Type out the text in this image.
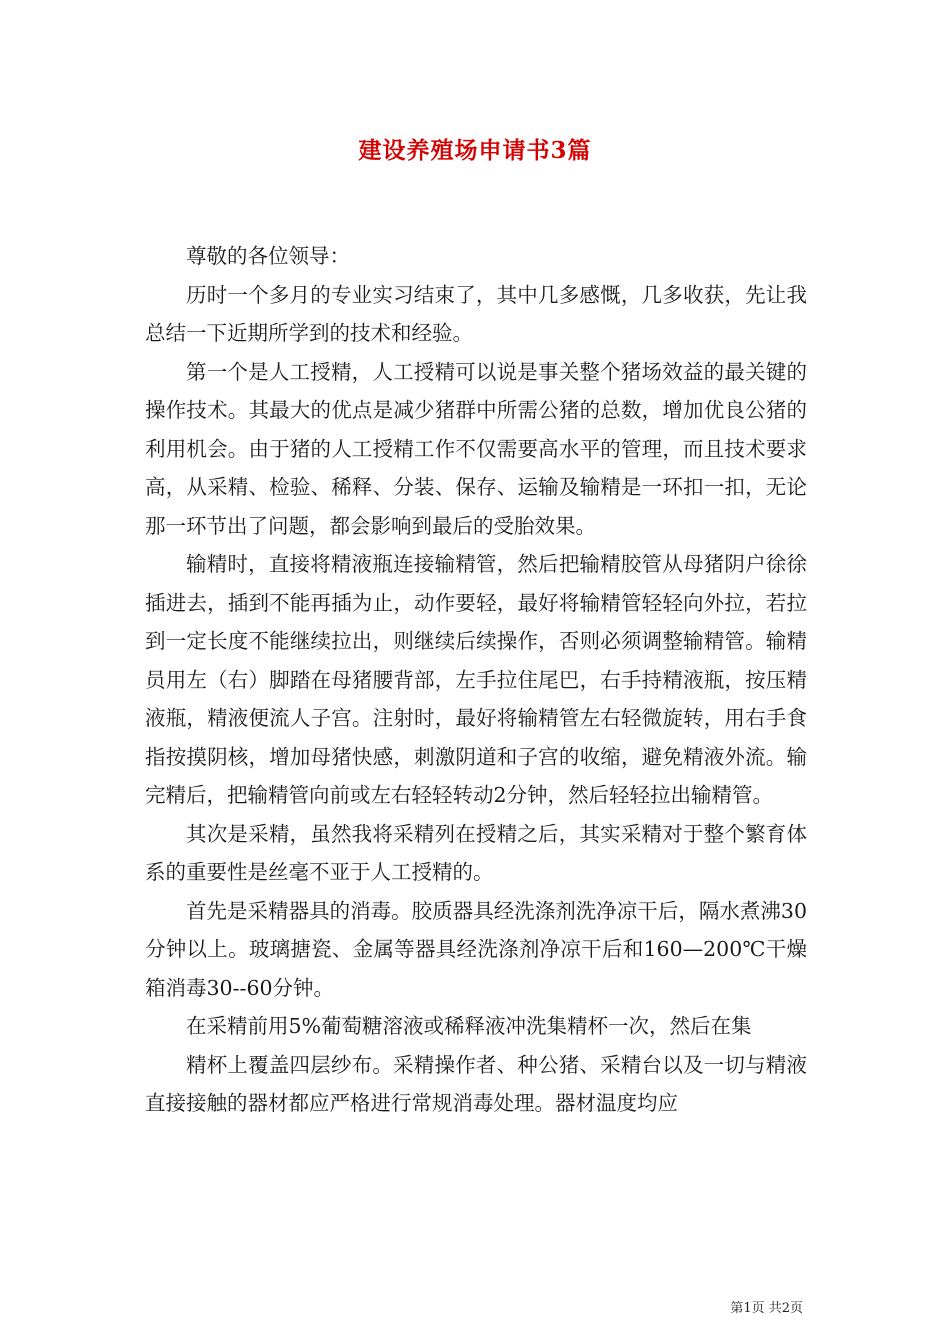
建设养殖场申请书3篇

尊敬的各位领导：

历时一个多月的专业实习结束了，其中几多感慨，几多收获，先让我总结一下近期所学到的技术和经验。

第一个是人工授精，人工授精可以说是事关整个猪场效益的最关键的操作技术。其最大的优点是减少猪群中所需公猪的总数，增加优良公猪的利用机会。由于猪的人工授精工作不仅需要高水平的管理，而且技术要求高，从采精、检验、稀释、分装、保存、运输及输精是一环扣一扣，无论那一环节出了问题，都会影响到最后的受胎效果。

输精时，直接将精液瓶连接输精管，然后把输精胶管从母猪阴户徐徐插进去，插到不能再插为止，动作要轻，最好将输精管轻轻向外拉，若拉到一定长度不能继续拉出，则继续后续操作，否则必须调整输精管。输精员用左（右）脚踏在母猪腰背部，左手拉住尾巴，右手持精液瓶，按压精液瓶，精液便流人子宫。注射时，最好将输精管左右轻微旋转，用右手食指按摸阴核，增加母猪快感，刺激阴道和子宫的收缩，避免精液外流。输完精后，把输精管向前或左右轻轻转动2分钟，然后轻轻拉出输精管。

其次是采精，虽然我将采精列在授精之后，其实采精对于整个繁育体系的重要性是丝毫不亚于人工授精的。

首先是采精器具的消毒。胶质器具经洗涤剂洗净凉干后，隔水煮沸30分钟以上。玻璃搪瓷、金属等器具经洗涤剂净凉干后和160—200℃干燥箱消毒30--60分钟。

在采精前用5%葡萄糖溶液或稀释液冲洗集精杯一次，然后在集

精杯上覆盖四层纱布。采精操作者、种公猪、采精台以及一切与精液直接接触的器材都应严格进行常规消毒处理。器材温度均应

第1页 共2页
